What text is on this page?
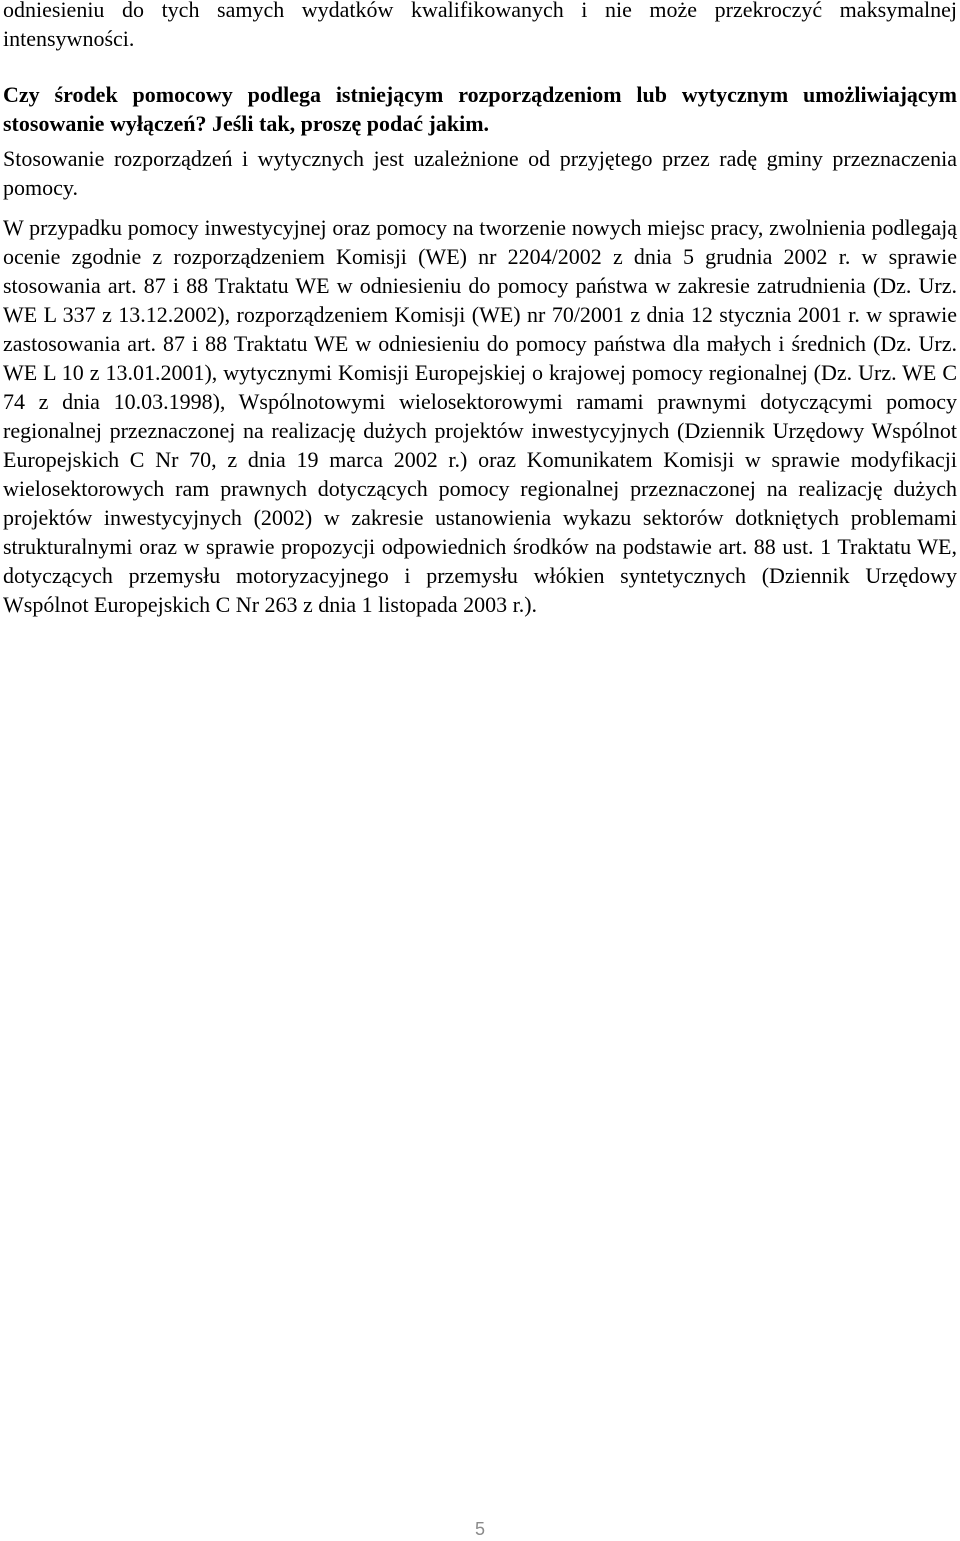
odniesieniu do tych samych wydatków kwalifikowanych i nie może przekroczyć maksymalnej intensywności.

Czy środek pomocowy podlega istniejącym rozporządzeniom lub wytycznym umożliwiającym stosowanie wyłączeń? Jeśli tak, proszę podać jakim.

Stosowanie rozporządzeń i wytycznych jest uzależnione od przyjętego przez radę gminy przeznaczenia pomocy.

W przypadku pomocy inwestycyjnej oraz pomocy na tworzenie nowych miejsc pracy, zwolnienia podlegają ocenie zgodnie z rozporządzeniem Komisji (WE) nr 2204/2002 z dnia 5 grudnia 2002 r. w sprawie stosowania art. 87 i 88 Traktatu WE w odniesieniu do pomocy państwa w zakresie zatrudnienia (Dz. Urz. WE L 337 z 13.12.2002), rozporządzeniem Komisji (WE) nr 70/2001 z dnia 12 stycznia 2001 r. w sprawie zastosowania art. 87 i 88 Traktatu WE w odniesieniu do pomocy państwa dla małych i średnich (Dz. Urz. WE L 10 z 13.01.2001), wytycznymi Komisji Europejskiej o krajowej pomocy regionalnej (Dz. Urz. WE C 74 z dnia 10.03.1998), Wspólnotowymi wielosektorowymi ramami prawnymi dotyczącymi pomocy regionalnej przeznaczonej na realizację dużych projektów inwestycyjnych (Dziennik Urzędowy Wspólnot Europejskich C Nr 70, z dnia 19 marca 2002 r.) oraz Komunikatem Komisji w sprawie modyfikacji wielosektorowych ram prawnych dotyczących pomocy regionalnej przeznaczonej na realizację dużych projektów inwestycyjnych (2002) w zakresie ustanowienia wykazu sektorów dotkniętych problemami strukturalnymi oraz w sprawie propozycji odpowiednich środków na podstawie art. 88 ust. 1 Traktatu WE, dotyczących przemysłu motoryzacyjnego i przemysłu włókien syntetycznych (Dziennik Urzędowy Wspólnot Europejskich C Nr 263 z dnia 1 listopada 2003 r.).

5
